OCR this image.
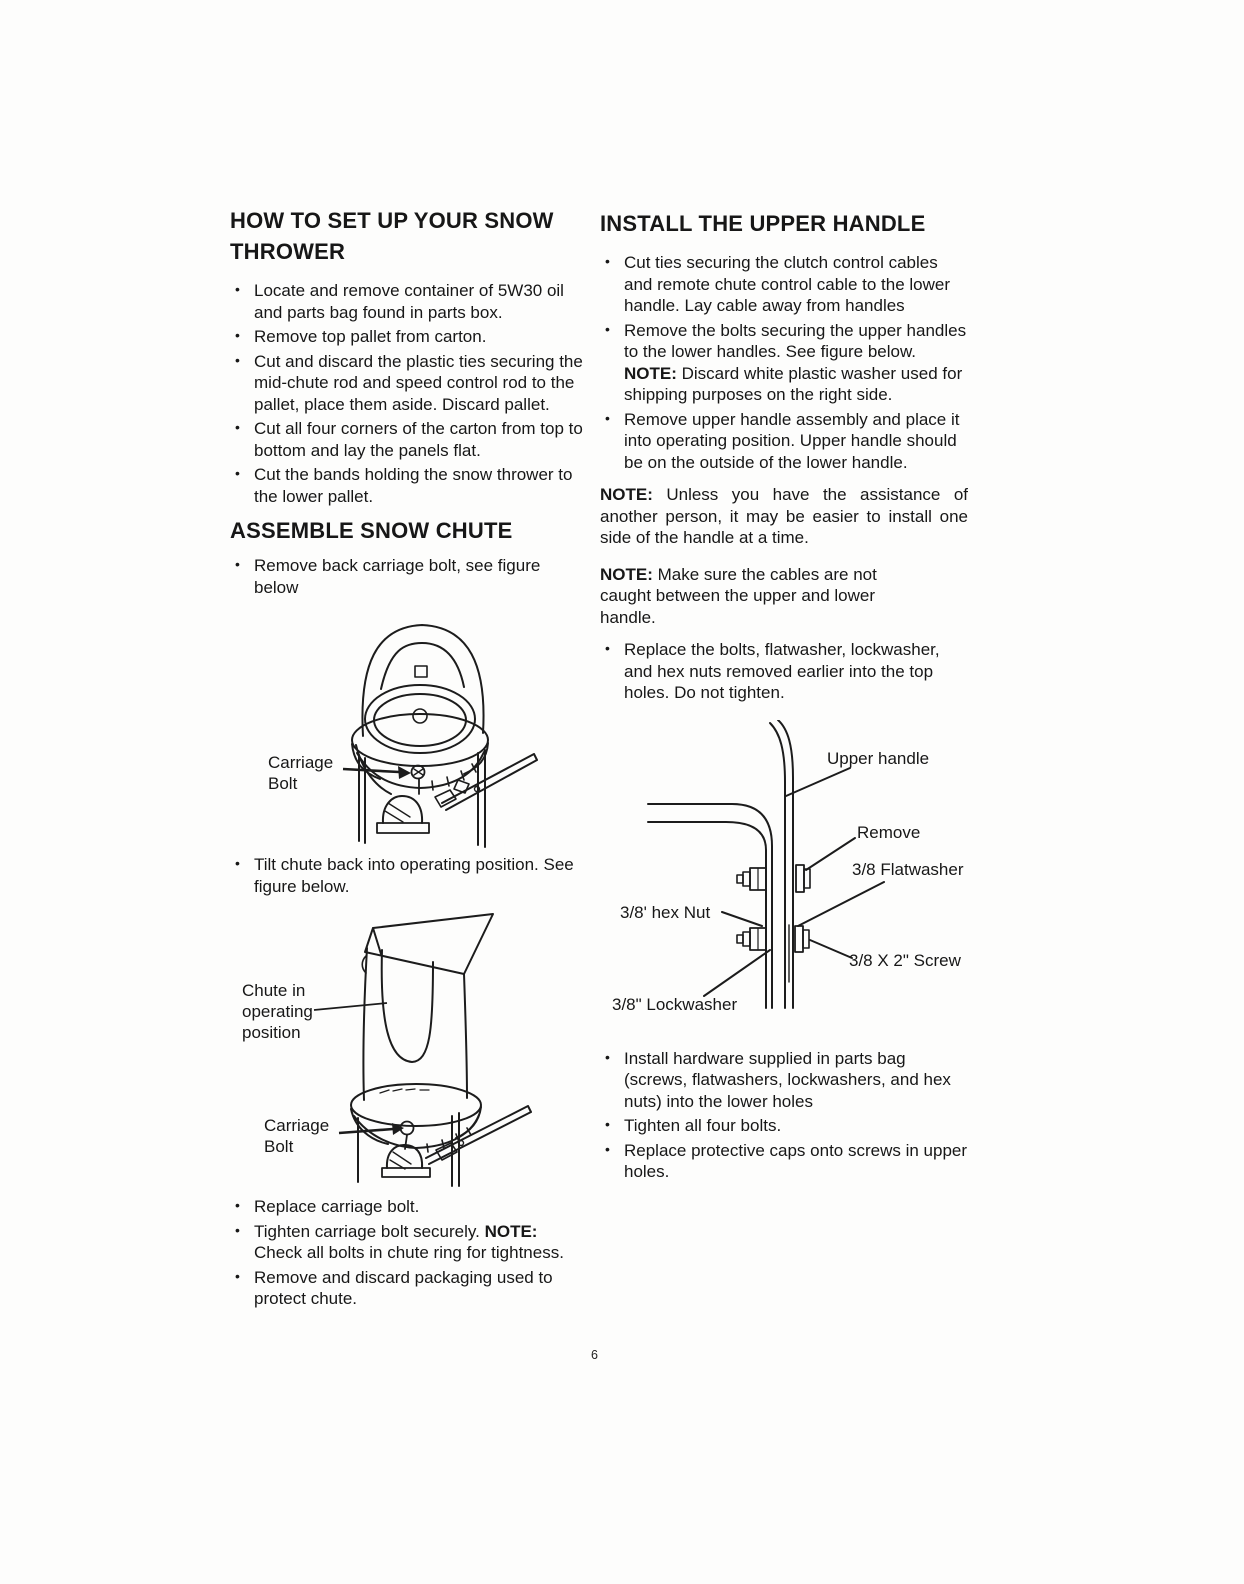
HOW TO SET UP YOUR SNOW THROWER
• Locate and remove container of 5W30 oil and parts bag found in parts box.
• Remove top pallet from carton.
• Cut and discard the plastic ties securing the mid-chute rod and speed control rod to the pallet, place them aside. Discard pallet.
• Cut all four corners of the carton from top to bottom and lay the panels flat.
• Cut the bands holding the snow thrower to the lower pallet.
ASSEMBLE SNOW CHUTE
• Remove back carriage bolt, see figure below
Carriage Bolt
• Tilt chute back into operating position. See figure below.
Chute in operating position
Carriage Bolt
• Replace carriage bolt.
• Tighten carriage bolt securely. NOTE: Check all bolts in chute ring for tightness.
• Remove and discard packaging used to protect chute.
INSTALL THE UPPER HANDLE
• Cut ties securing the clutch control cables and remote chute control cable to the lower handle. Lay cable away from handles
• Remove the bolts securing the upper handles to the lower handles. See figure below. NOTE: Discard white plastic washer used for shipping purposes on the right side.
• Remove upper handle assembly and place it into operating position. Upper handle should be on the outside of the lower handle.

NOTE: Unless you have the assistance of another person, it may be easier to install one side of the handle at a time.

NOTE: Make sure the cables are not caught between the upper and lower handle.

• Replace the bolts, flatwasher, lockwasher, and hex nuts removed earlier into the top holes. Do not tighten.
Upper handle
Remove
3/8 Flatwasher
3/8' hex Nut
3/8 X 2" Screw
3/8" Lockwasher
• Install hardware supplied in parts bag (screws, flatwashers, lockwashers, and hex nuts) into the lower holes
• Tighten all four bolts.
• Replace protective caps onto screws in upper holes.
6
